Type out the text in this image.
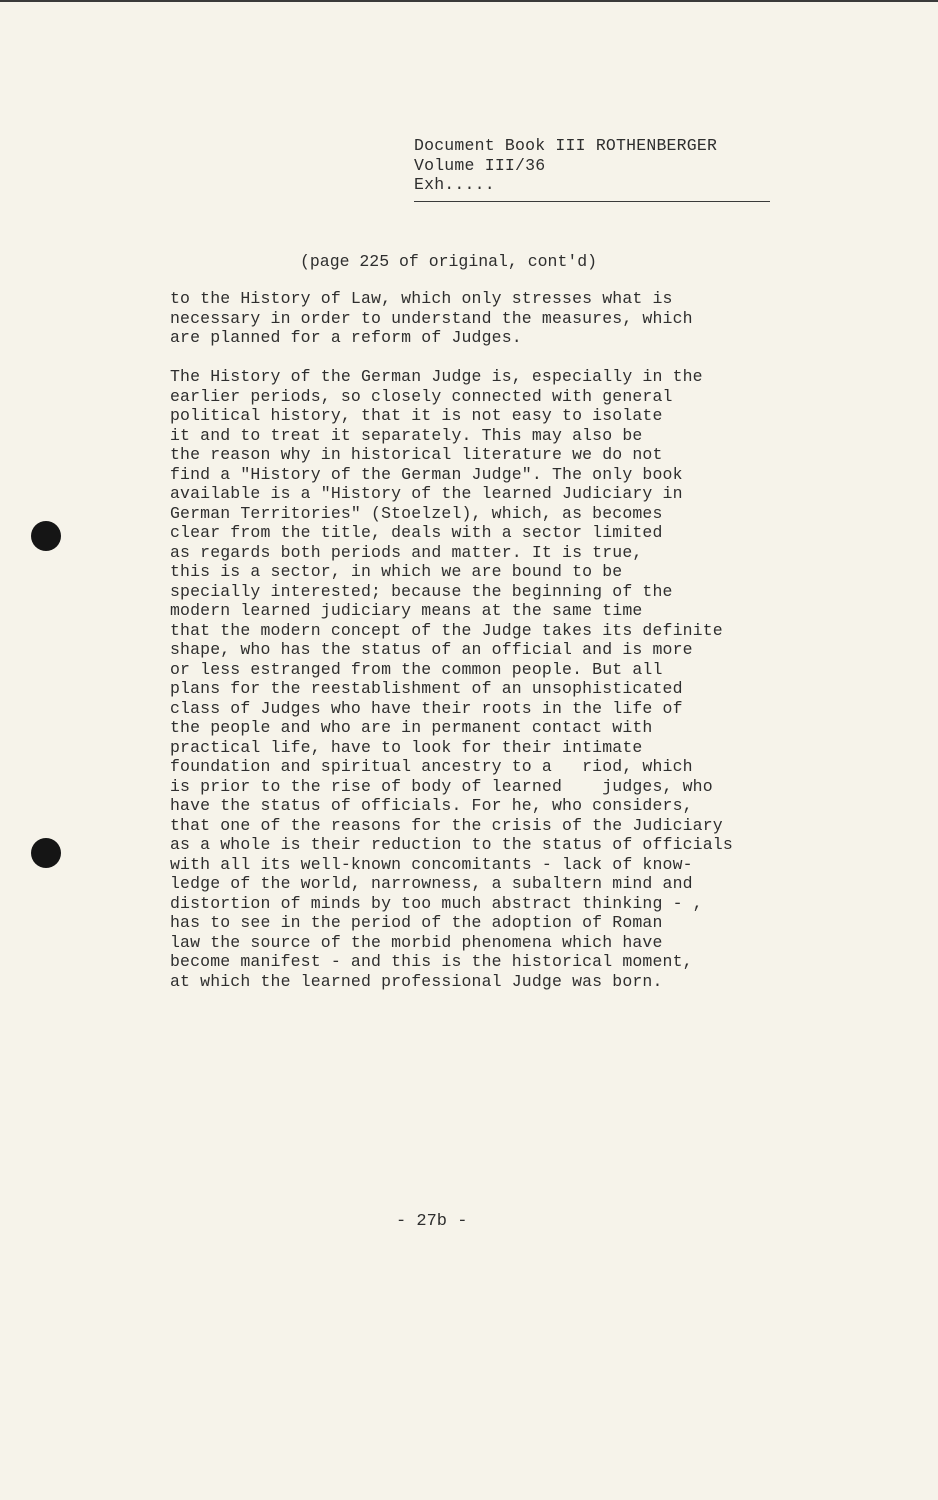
Document Book III ROTHENBERGER
Volume III/36
Exh.....
(page 225 of original, cont'd)
to the History of Law, which only stresses what is
necessary in order to understand the measures, which
are planned for a reform of Judges.
The History of the German Judge is, especially in the
earlier periods, so closely connected with general
political history, that it is not easy to isolate
it and to treat it separately. This may also be
the reason why in historical literature we do not
find a "History of the German Judge". The only book
available is a "History of the learned Judiciary in
German Territories" (Stoelzel), which, as becomes
clear from the title, deals with a sector limited
as regards both periods and matter. It is true,
this is a sector, in which we are bound to be
specially interested; because the beginning of the
modern learned judiciary means at the same time
that the modern concept of the Judge takes its definite
shape, who has the status of an official and is more
or less estranged from the common people. But all
plans for the reestablishment of an unsophisticated
class of Judges who have their roots in the life of
the people and who are in permanent contact with
practical life, have to look for their intimate
foundation and spiritual ancestry to a   riod, which
is prior to the rise of body of learned    judges, who
have the status of officials. For he, who considers,
that one of the reasons for the crisis of the Judiciary
as a whole is their reduction to the status of officials
with all its well-known concomitants - lack of know-
ledge of the world, narrowness, a subaltern mind and
distortion of minds by too much abstract thinking - ,
has to see in the period of the adoption of Roman
law the source of the morbid phenomena which have
become manifest - and this is the historical moment,
at which the learned professional Judge was born.
- 27b -
